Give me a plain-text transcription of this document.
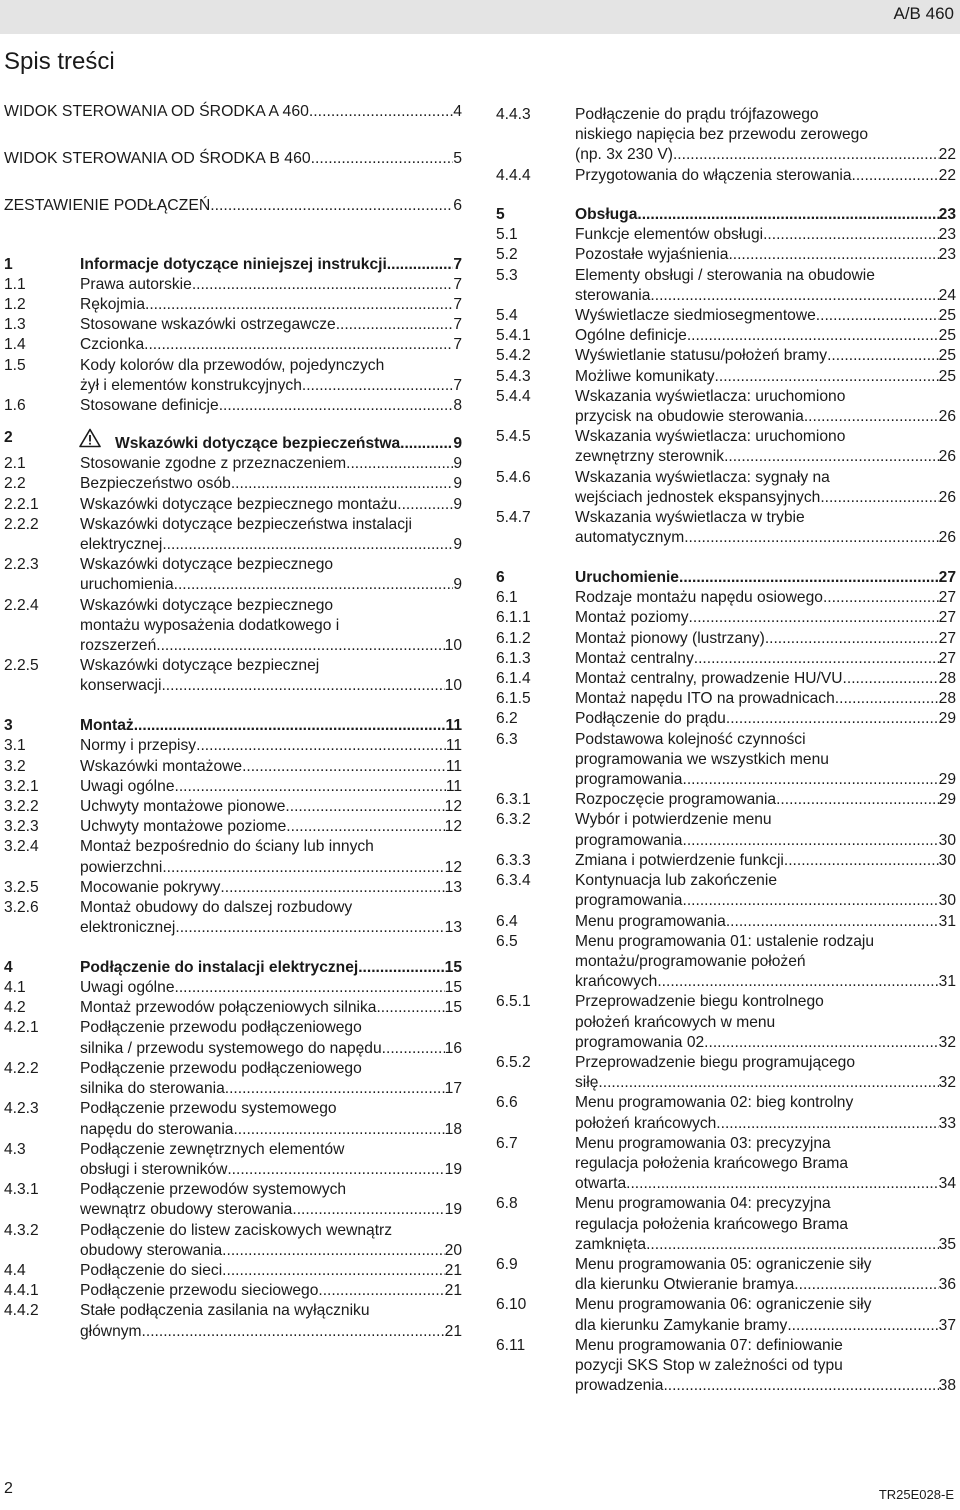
A/B 460
Spis treści
WIDOK STEROWANIA OD ŚRODKA A 460 .....	4
WIDOK STEROWANIA OD ŚRODKA B 460 .....	5
ZESTAWIENIE PODŁĄCZEŃ .....	6
1	Informacje dotyczące niniejszej instrukcji .....	7
1.1	Prawa autorskie .....	7
1.2	Rękojmia .....	7
1.3	Stosowane wskazówki ostrzegawcze .....	7
1.4	Czcionka .....	7
1.5	Kody kolorów dla przewodów, pojedynczych
żył i elementów konstrukcyjnych .....	7
1.6	Stosowane definicje .....	8
2	Wskazówki dotyczące bezpieczeństwa .....	9
2.1	Stosowanie zgodne z przeznaczeniem .....	9
2.2	Bezpieczeństwo osób .....	9
2.2.1	Wskazówki dotyczące bezpiecznego montażu .....	9
2.2.2	Wskazówki dotyczące bezpieczeństwa instalacji
elektrycznej .....	9
2.2.3	Wskazówki dotyczące bezpiecznego
uruchomienia .....	9
2.2.4	Wskazówki dotyczące bezpiecznego
montażu wyposażenia dodatkowego i
rozszerzeń .....	10
2.2.5	Wskazówki dotyczące bezpiecznej
konserwacji .....	10
3	Montaż .....	11
3.1	Normy i przepisy .....	11
3.2	Wskazówki montażowe .....	11
3.2.1	Uwagi ogólne .....	11
3.2.2	Uchwyty montażowe pionowe .....	12
3.2.3	Uchwyty montażowe poziome .....	12
3.2.4	Montaż bezpośrednio do ściany lub innych
powierzchni .....	12
3.2.5	Mocowanie pokrywy .....	13
3.2.6	Montaż obudowy do dalszej rozbudowy
elektronicznej .....	13
4	Podłączenie do instalacji elektrycznej .....	15
4.1	Uwagi ogólne .....	15
4.2	Montaż przewodów połączeniowych silnika .....	15
4.2.1	Podłączenie przewodu podłączeniowego
silnika / przewodu systemowego do napędu .....	16
4.2.2	Podłączenie przewodu podłączeniowego
silnika do sterowania .....	17
4.2.3	Podłączenie przewodu systemowego
napędu do sterowania .....	18
4.3	Podłączenie zewnętrznych elementów
obsługi i sterowników .....	19
4.3.1	Podłączenie przewodów systemowych
wewnątrz obudowy sterowania .....	19
4.3.2	Podłączenie do listew zaciskowych wewnątrz
obudowy sterowania .....	20
4.4	Podłączenie do sieci .....	21
4.4.1	Podłączenie przewodu sieciowego .....	21
4.4.2	Stałe podłączenia zasilania na wyłączniku
głównym .....	21
4.4.3	Podłączenie do prądu trójfazowego
niskiego napięcia bez przewodu zerowego
(np. 3x 230 V) .....	22
4.4.4	Przygotowania do włączenia sterowania .....	22
5	Obsługa .....	23
5.1	Funkcje elementów obsługi .....	23
5.2	Pozostałe wyjaśnienia .....	23
5.3	Elementy obsługi / sterowania na obudowie
sterowania .....	24
5.4	Wyświetlacze siedmiosegmentowe .....	25
5.4.1	Ogólne definicje .....	25
5.4.2	Wyświetlanie statusu/położeń bramy .....	25
5.4.3	Możliwe komunikaty .....	25
5.4.4	Wskazania wyświetlacza: uruchomiono
przycisk na obudowie sterowania .....	26
5.4.5	Wskazania wyświetlacza: uruchomiono
zewnętrzny sterownik .....	26
5.4.6	Wskazania wyświetlacza: sygnały na
wejściach jednostek ekspansyjnych .....	26
5.4.7	Wskazania wyświetlacza w trybie
automatycznym .....	26
6	Uruchomienie .....	27
6.1	Rodzaje montażu napędu osiowego .....	27
6.1.1	Montaż poziomy .....	27
6.1.2	Montaż pionowy (lustrzany) .....	27
6.1.3	Montaż centralny .....	27
6.1.4	Montaż centralny, prowadzenie HU/VU .....	28
6.1.5	Montaż napędu ITO na prowadnicach .....	28
6.2	Podłączenie do prądu .....	29
6.3	Podstawowa kolejność czynności
programowania we wszystkich menu
programowania .....	29
6.3.1	Rozpoczęcie programowania .....	29
6.3.2	Wybór i potwierdzenie menu
programowania .....	30
6.3.3	Zmiana i potwierdzenie funkcji .....	30
6.3.4	Kontynuacja lub zakończenie
programowania .....	30
6.4	Menu programowania .....	31
6.5	Menu programowania 01: ustalenie rodzaju
montażu/programowanie położeń
krańcowych .....	31
6.5.1	Przeprowadzenie biegu kontrolnego
położeń krańcowych w menu
programowania 02 .....	32
6.5.2	Przeprowadzenie biegu programującego
siłę .....	32
6.6	Menu programowania 02: bieg kontrolny
położeń krańcowych .....	33
6.7	Menu programowania 03: precyzyjna
regulacja położenia krańcowego Brama
otwarta .....	34
6.8	Menu programowania 04: precyzyjna
regulacja położenia krańcowego Brama
zamknięta .....	35
6.9	Menu programowania 05: ograniczenie siły
dla kierunku Otwieranie bramya .....	36
6.10	Menu programowania 06: ograniczenie siły
dla kierunku Zamykanie bramy .....	37
6.11	Menu programowania 07: definiowanie
pozycji SKS Stop w zależności od typu
prowadzenia .....	38
2	TR25E028-E
